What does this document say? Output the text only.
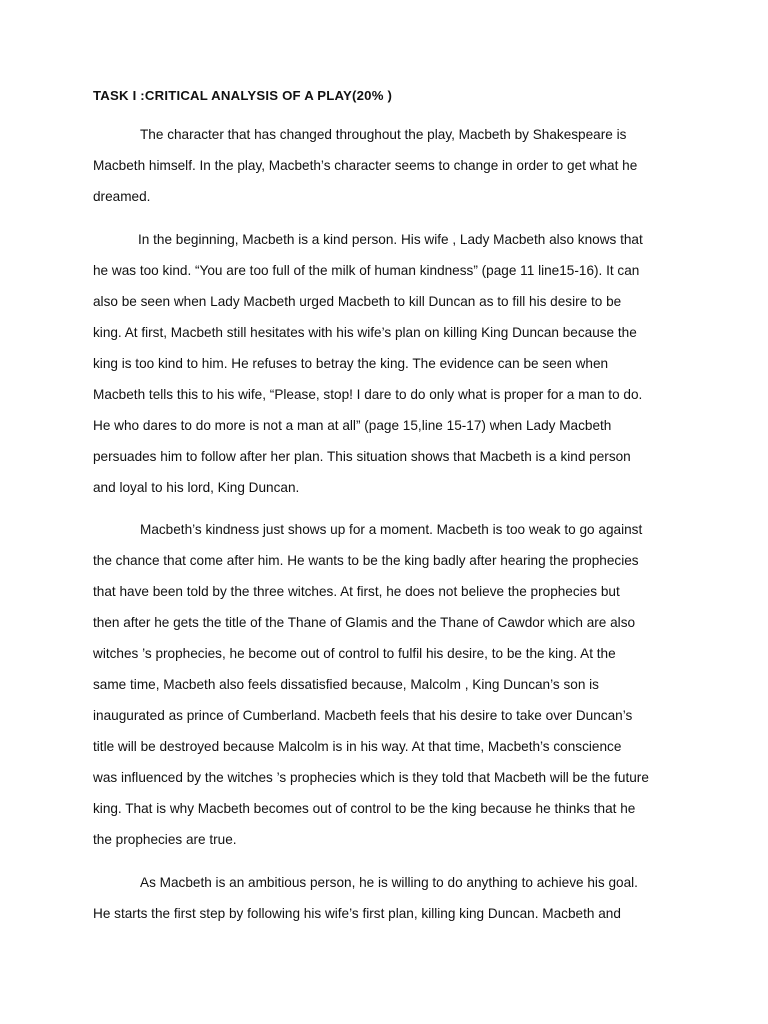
TASK I :CRITICAL ANALYSIS OF A PLAY(20% )
The character that has changed throughout the play, Macbeth by Shakespeare is
Macbeth himself. In the play, Macbeth’s character seems to change in order to get what he
dreamed.
In the beginning, Macbeth is a kind person. His wife , Lady Macbeth also knows that
he was too kind. “You are too full of the milk of human kindness” (page 11 line15-16). It can
also be seen when Lady Macbeth urged Macbeth to kill Duncan as to fill his desire to be
king. At first, Macbeth still hesitates with his wife’s plan on killing King Duncan because the
king is too kind to him. He refuses to betray the king. The evidence can be seen when
Macbeth tells this to his wife, “Please, stop! I dare to do only what is proper for a man to do.
He who dares to do more is not a man at all” (page 15,line 15-17) when Lady Macbeth
persuades him to follow after her plan. This situation shows that Macbeth is a kind person
and loyal to his lord, King Duncan.
Macbeth’s kindness just shows up for a moment. Macbeth is too weak to go against
the chance that come after him. He wants to be the king badly after hearing the prophecies
that have been told by the three witches. At first, he does not believe the prophecies but
then after he gets the title of the Thane of Glamis and the Thane of Cawdor which are also
witches ’s prophecies, he become out of control to fulfil his desire, to be the king. At the
same time, Macbeth also feels dissatisfied because, Malcolm , King Duncan’s son is
inaugurated as prince of Cumberland. Macbeth feels that his desire to take over Duncan’s
title will be destroyed because Malcolm is in his way. At that time, Macbeth’s conscience
was influenced by the witches ’s prophecies which is they told that Macbeth will be the future
king. That is why Macbeth becomes out of control to be the king because he thinks that he
the prophecies are true.
As Macbeth is an ambitious person, he is willing to do anything to achieve his goal.
He starts the first step by following his wife’s first plan, killing king Duncan. Macbeth and
